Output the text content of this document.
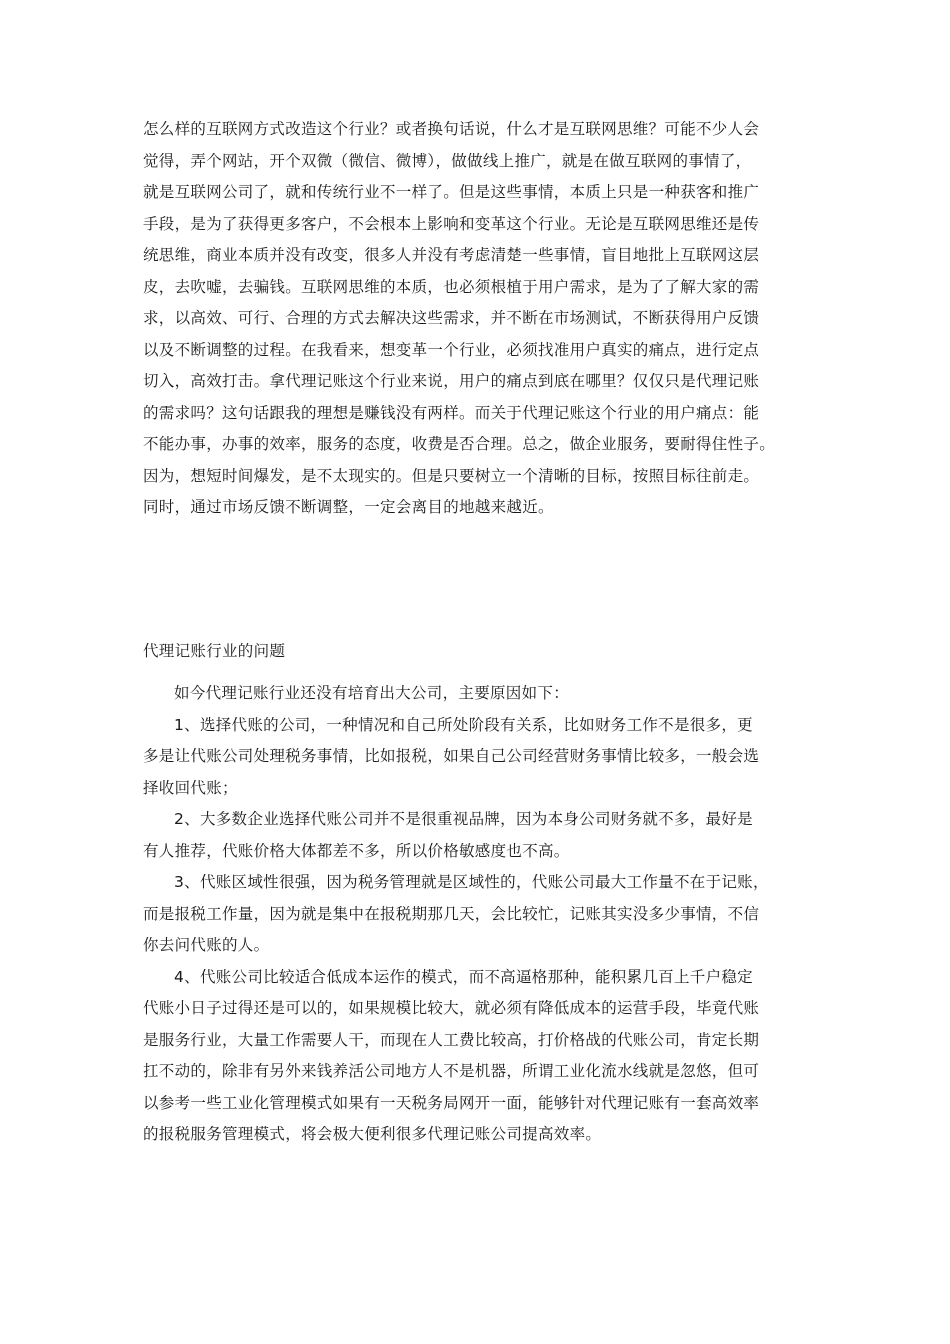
怎么样的互联网方式改造这个行业？或者换句话说，什么才是互联网思维？可能不少人会
觉得，弄个网站，开个双微（微信、微博），做做线上推广，就是在做互联网的事情了，
就是互联网公司了，就和传统行业不一样了。但是这些事情，本质上只是一种获客和推广
手段，是为了获得更多客户，不会根本上影响和变革这个行业。无论是互联网思维还是传
统思维，商业本质并没有改变，很多人并没有考虑清楚一些事情，盲目地批上互联网这层
皮，去吹嘘，去骗钱。互联网思维的本质，也必须根植于用户需求，是为了了解大家的需
求，以高效、可行、合理的方式去解决这些需求，并不断在市场测试，不断获得用户反馈
以及不断调整的过程。在我看来，想变革一个行业，必须找准用户真实的痛点，进行定点
切入，高效打击。拿代理记账这个行业来说，用户的痛点到底在哪里？仅仅只是代理记账
的需求吗？这句话跟我的理想是赚钱没有两样。而关于代理记账这个行业的用户痛点：能
不能办事，办事的效率，服务的态度，收费是否合理。总之，做企业服务，要耐得住性子。
因为，想短时间爆发，是不太现实的。但是只要树立一个清晰的目标，按照目标往前走。
同时，通过市场反馈不断调整，一定会离目的地越来越近。
代理记账行业的问题
如今代理记账行业还没有培育出大公司，主要原因如下：
1、选择代账的公司，一种情况和自己所处阶段有关系，比如财务工作不是很多，更
多是让代账公司处理税务事情，比如报税，如果自己公司经营财务事情比较多，一般会选
择收回代账；
2、大多数企业选择代账公司并不是很重视品牌，因为本身公司财务就不多，最好是
有人推荐，代账价格大体都差不多，所以价格敏感度也不高。
3、代账区域性很强，因为税务管理就是区域性的，代账公司最大工作量不在于记账，
而是报税工作量，因为就是集中在报税期那几天，会比较忙，记账其实没多少事情，不信
你去问代账的人。
4、代账公司比较适合低成本运作的模式，而不高逼格那种，能积累几百上千户稳定
代账小日子过得还是可以的，如果规模比较大，就必须有降低成本的运营手段，毕竟代账
是服务行业，大量工作需要人干，而现在人工费比较高，打价格战的代账公司，肯定长期
扛不动的，除非有另外来钱养活公司地方人不是机器，所谓工业化流水线就是忽悠，但可
以参考一些工业化管理模式如果有一天税务局网开一面，能够针对代理记账有一套高效率
的报税服务管理模式，将会极大便利很多代理记账公司提高效率。
